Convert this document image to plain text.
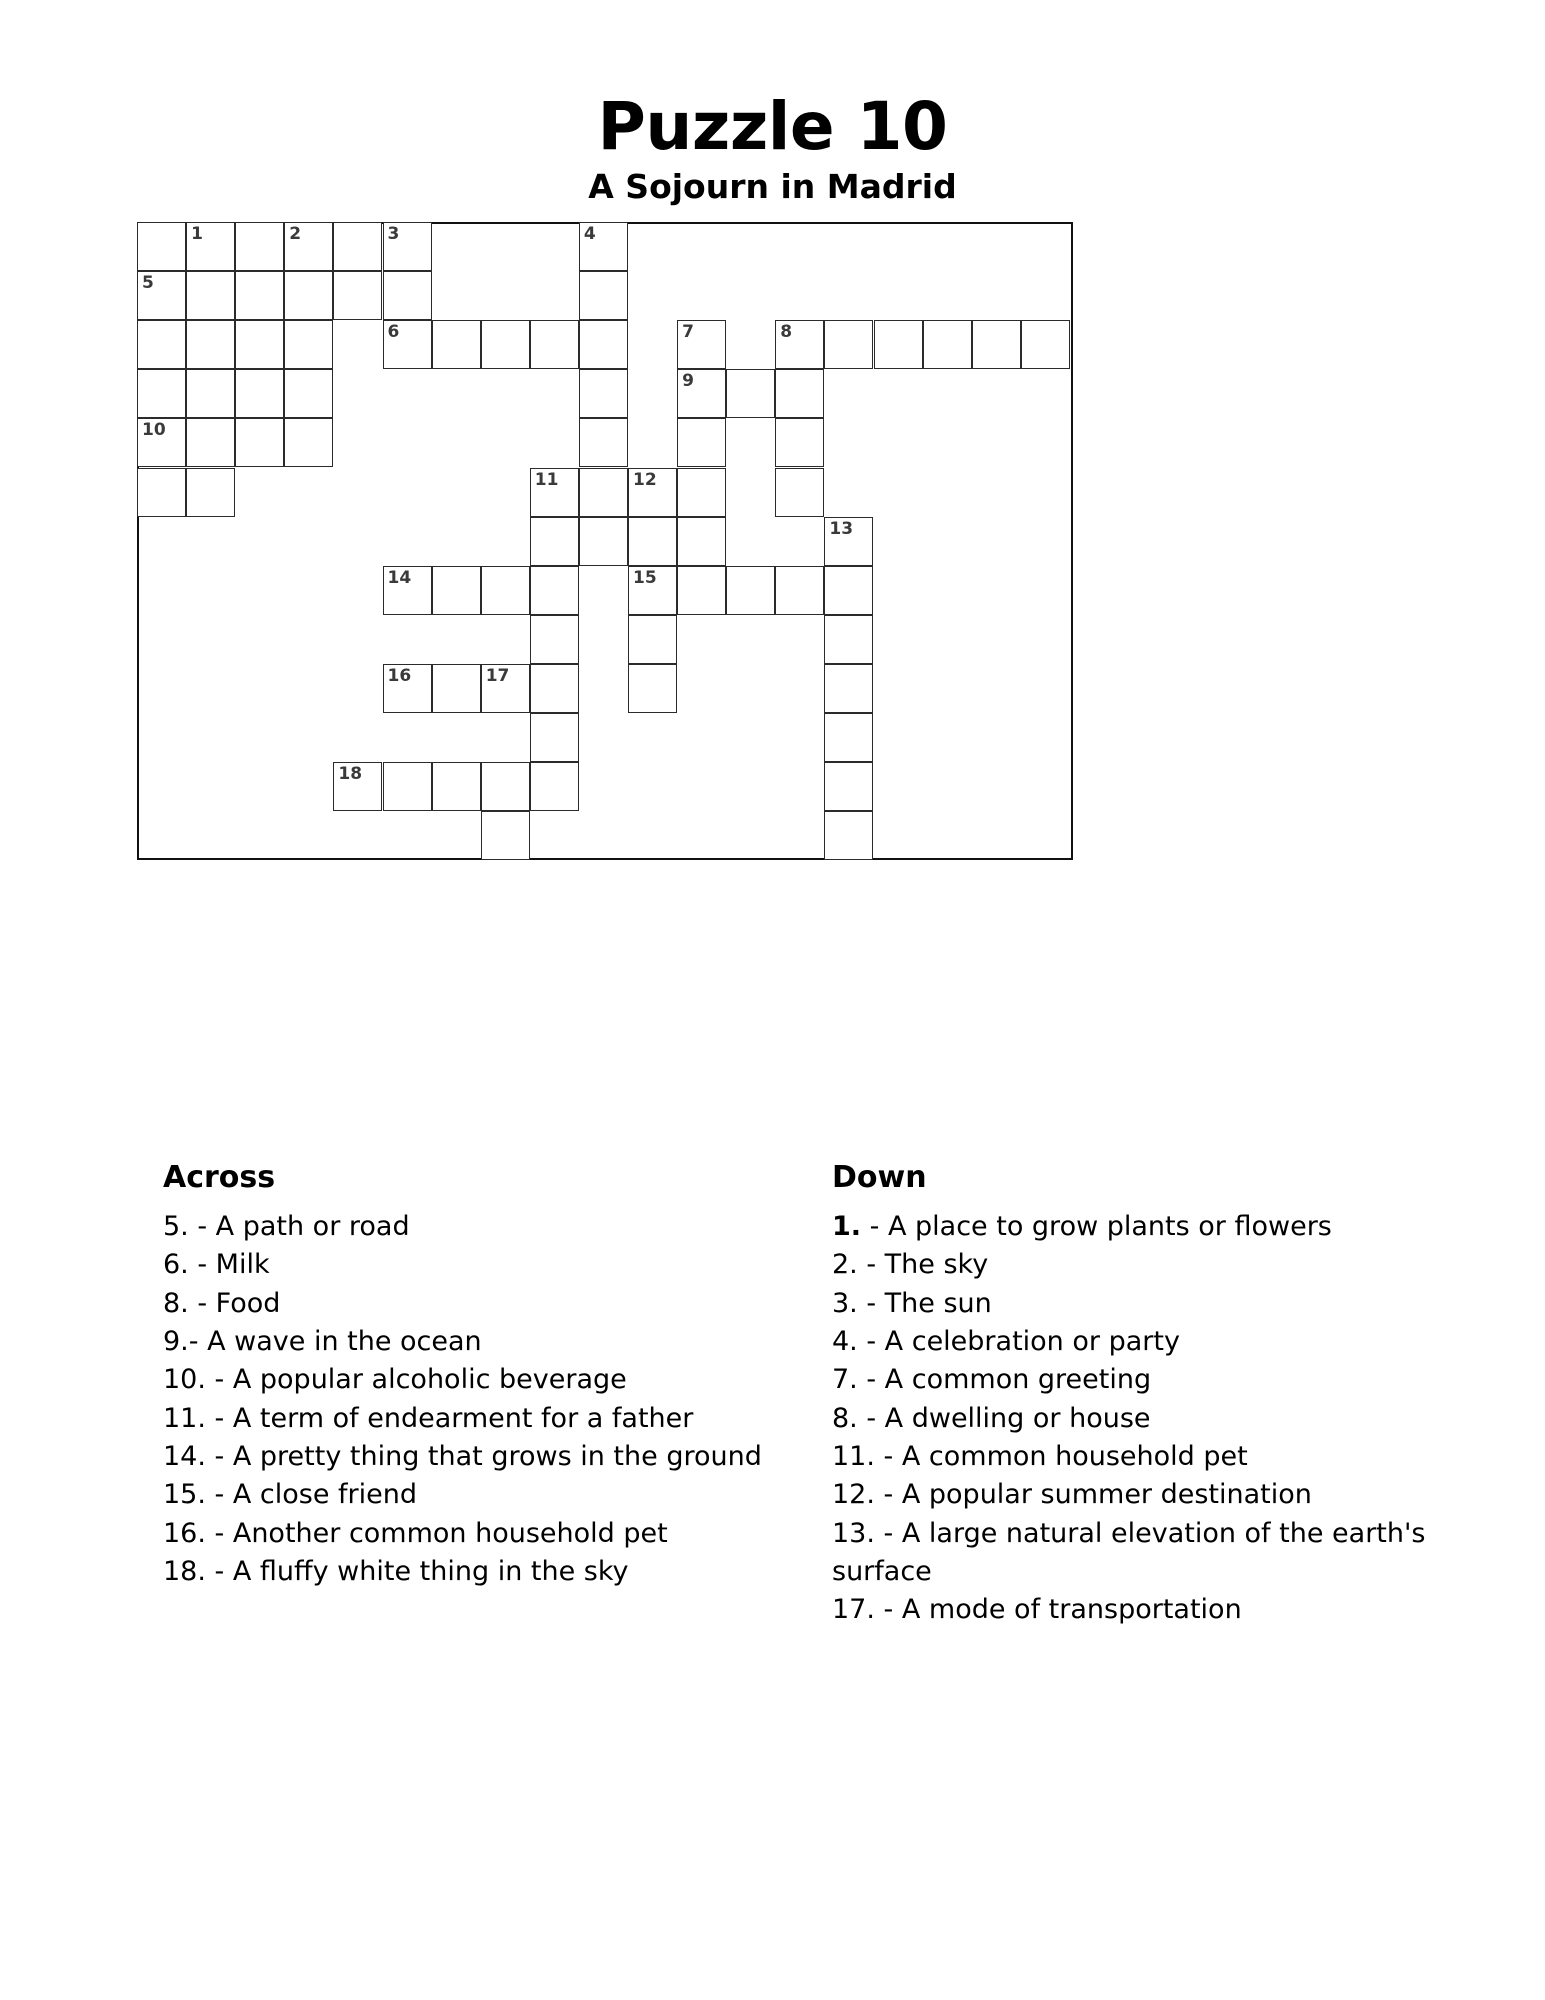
Puzzle 10
A Sojourn in Madrid
1	2	3	4
5
6	7	8
9
10
11	12
13
14	15
16	17
18
Across
5. - A path or road
6. - Milk
8. - Food
9.- A wave in the ocean
10. - A popular alcoholic beverage
11. - A term of endearment for a father
14. - A pretty thing that grows in the ground
15. - A close friend
16. - Another common household pet
18. - A fluffy white thing in the sky
Down
1. - A place to grow plants or flowers
2. - The sky
3. - The sun
4. - A celebration or party
7. - A common greeting
8. - A dwelling or house
11. - A common household pet
12. - A popular summer destination
13. - A large natural elevation of the earth's surface
17. - A mode of transportation
